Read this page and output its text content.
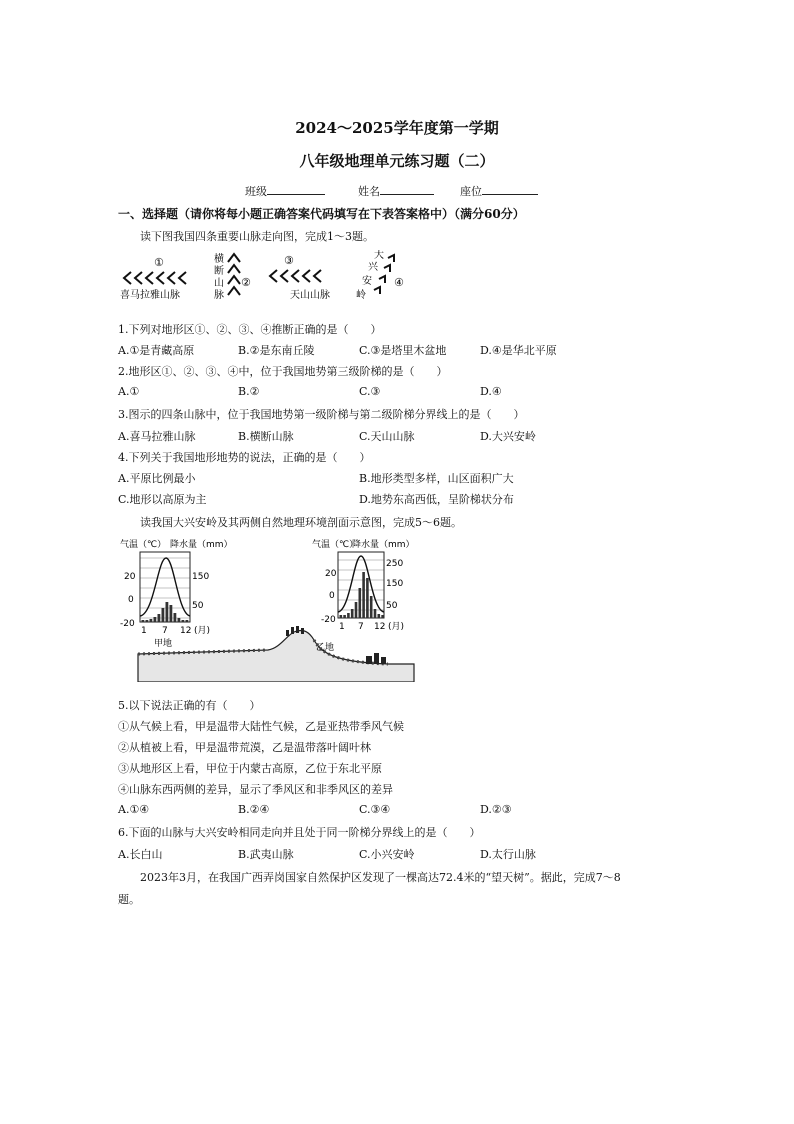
2024～2025学年度第一学期
八年级地理单元练习题（二）
班级	姓名	座位
一、选择题（请你将每小题正确答案代码填写在下表答案格中）（满分60分）
读下图我国四条重要山脉走向图，完成1～3题。
①
喜马拉雅山脉
横
断
山
脉
②
③
天山山脉
大
兴
安
岭
④
1.下列对地形区①、②、③、④推断正确的是（　　）
A.①是青藏高原	B.②是东南丘陵	C.③是塔里木盆地	D.④是华北平原
2.地形区①、②、③、④中，位于我国地势第三级阶梯的是（　　）
A.①	B.②	C.③	D.④
3.图示的四条山脉中，位于我国地势第一级阶梯与第二级阶梯分界线上的是（　　）
A.喜马拉雅山脉	B.横断山脉	C.天山山脉	D.大兴安岭
4.下列关于我国地形地势的说法，正确的是（　　）
A.平原比例最小	B.地形类型多样，山区面积广大
C.地形以高原为主	D.地势东高西低，呈阶梯状分布
读我国大兴安岭及其两侧自然地理环境剖面示意图，完成5～6题。
气温（℃） 降水量（mm）
20
0
-20
150
50
1 7 12 (月)
气温（℃）
降水量（mm）
20
0
-20
250
150
50
1 7 12 (月)
甲地	乙地
5.以下说法正确的有（　　）
①从气候上看，甲是温带大陆性气候，乙是亚热带季风气候
②从植被上看，甲是温带荒漠，乙是温带落叶阔叶林
③从地形区上看，甲位于内蒙古高原，乙位于东北平原
④山脉东西两侧的差异，显示了季风区和非季风区的差异
A.①④	B.②④	C.③④	D.②③
6.下面的山脉与大兴安岭相同走向并且处于同一阶梯分界线上的是（　　）
A.长白山	B.武夷山脉	C.小兴安岭	D.太行山脉
2023年3月，在我国广西弄岗国家自然保护区发现了一棵高达72.4米的“望天树”。据此，完成7～8
题。
